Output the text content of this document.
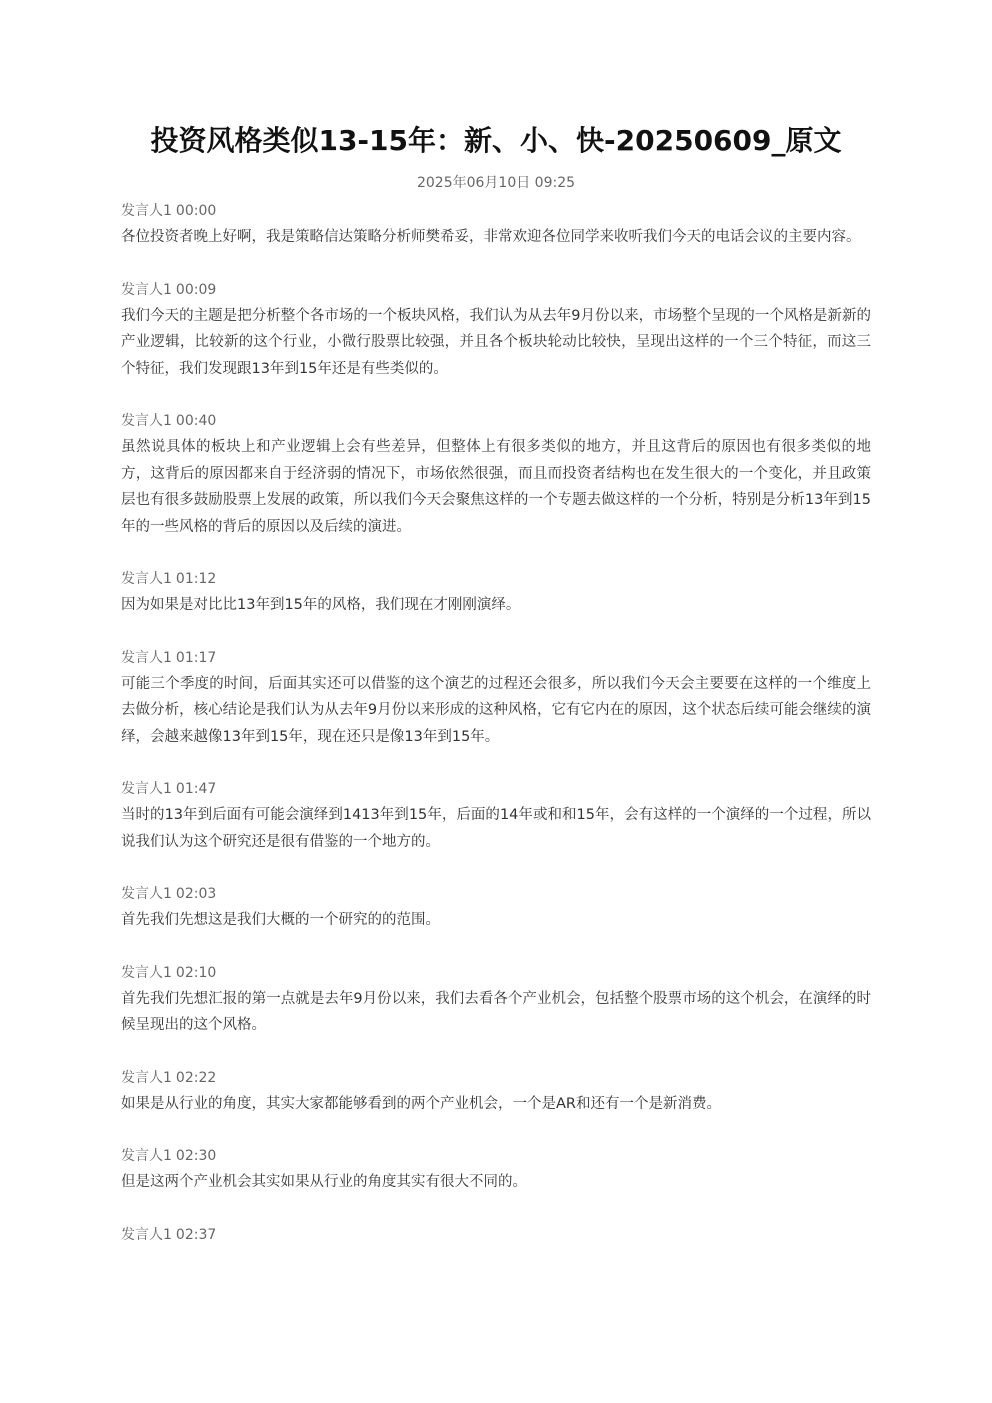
投资风格类似13-15年：新、小、快-20250609_原文
2025年06月10日 09:25
发言人1 00:00

各位投资者晚上好啊，我是策略信达策略分析师樊希妥，非常欢迎各位同学来收听我们今天的电话会议的主要内容。

发言人1 00:09

我们今天的主题是把分析整个各市场的一个板块风格，我们认为从去年9月份以来，市场整个呈现的一个风格是新新的产业逻辑，比较新的这个行业，小微行股票比较强，并且各个板块轮动比较快，呈现出这样的一个三个特征，而这三个特征，我们发现跟13年到15年还是有些类似的。

发言人1 00:40

虽然说具体的板块上和产业逻辑上会有些差异，但整体上有很多类似的地方，并且这背后的原因也有很多类似的地方，这背后的原因都来自于经济弱的情况下，市场依然很强，而且而投资者结构也在发生很大的一个变化，并且政策层也有很多鼓励股票上发展的政策，所以我们今天会聚焦这样的一个专题去做这样的一个分析，特别是分析13年到15年的一些风格的背后的原因以及后续的演进。

发言人1 01:12

因为如果是对比比13年到15年的风格，我们现在才刚刚演绎。

发言人1 01:17

可能三个季度的时间，后面其实还可以借鉴的这个演艺的过程还会很多，所以我们今天会主要要在这样的一个维度上去做分析，核心结论是我们认为从去年9月份以来形成的这种风格，它有它内在的原因，这个状态后续可能会继续的演绎，会越来越像13年到15年，现在还只是像13年到15年。

发言人1 01:47

当时的13年到后面有可能会演绎到1413年到15年，后面的14年或和和15年，会有这样的一个演绎的一个过程，所以说我们认为这个研究还是很有借鉴的一个地方的。

发言人1 02:03

首先我们先想这是我们大概的一个研究的的范围。

发言人1 02:10

首先我们先想汇报的第一点就是去年9月份以来，我们去看各个产业机会，包括整个股票市场的这个机会，在演绎的时候呈现出的这个风格。

发言人1 02:22

如果是从行业的角度，其实大家都能够看到的两个产业机会，一个是AR和还有一个是新消费。

发言人1 02:30

但是这两个产业机会其实如果从行业的角度其实有很大不同的。

发言人1 02:37
